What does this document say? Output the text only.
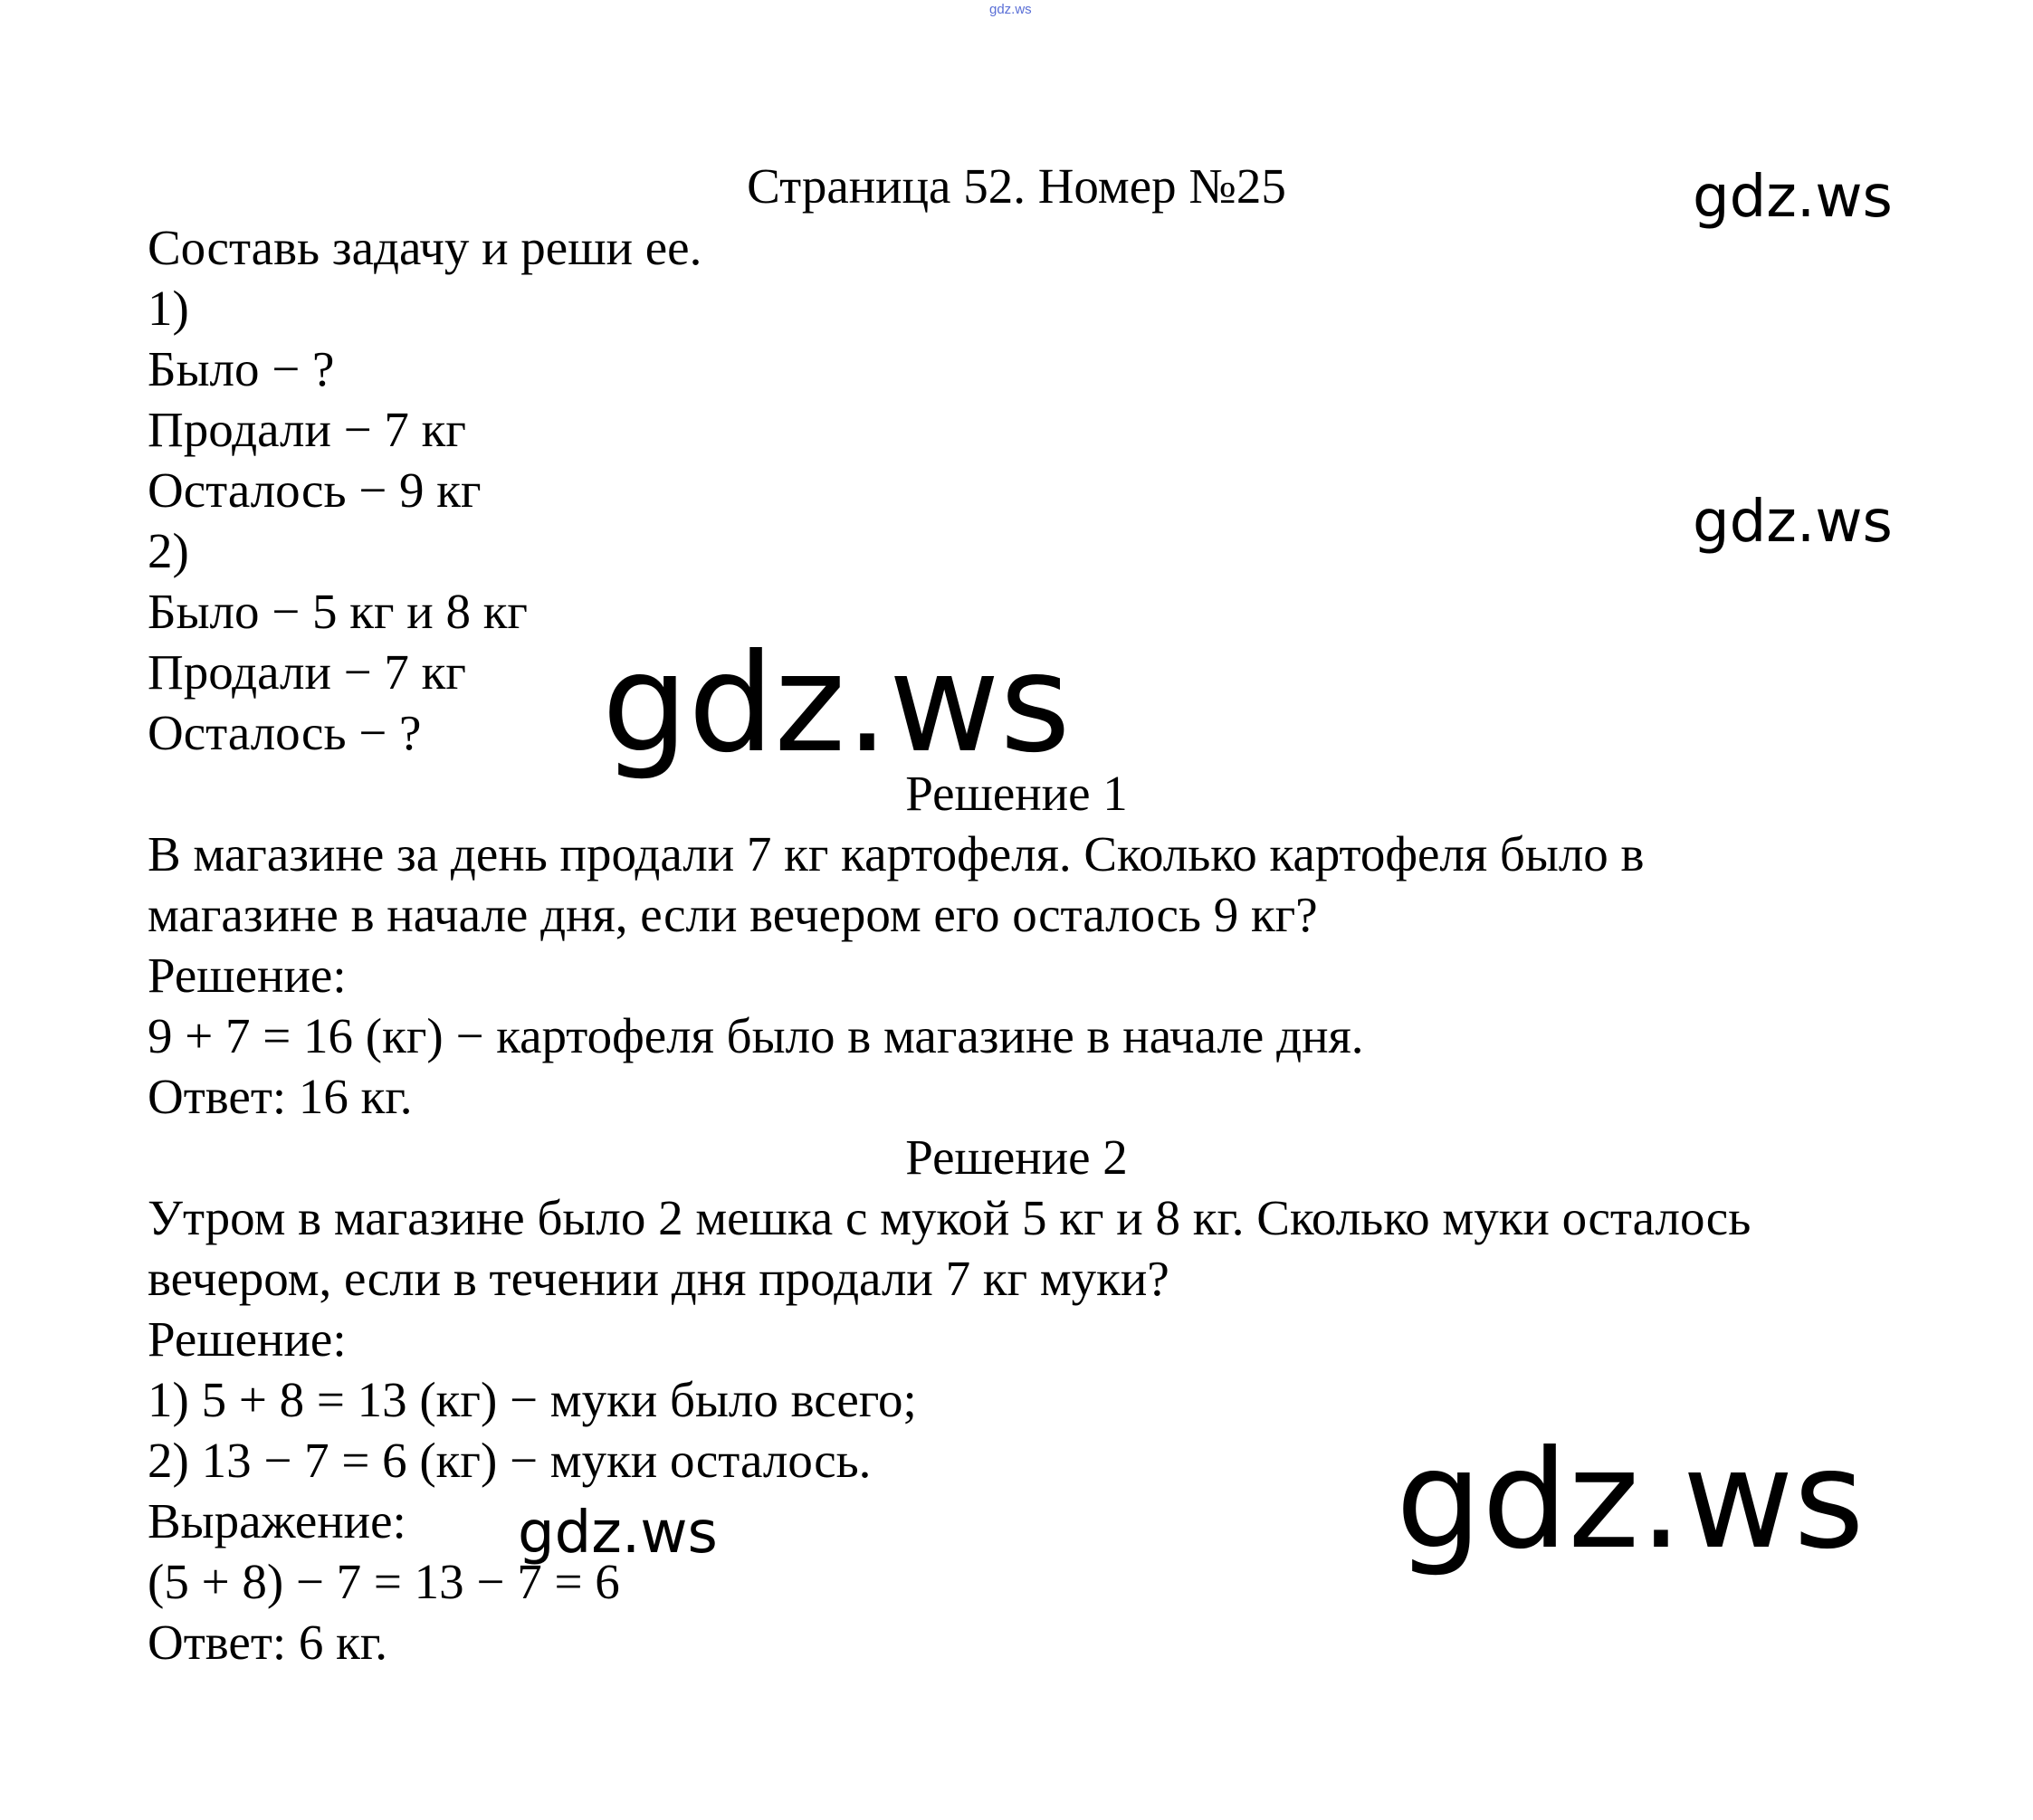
gdz.ws
Страница 52. Номер №25
Составь задачу и реши ее.
1)
Было − ?
Продали − 7 кг
Осталось − 9 кг
2)
Было − 5 кг и 8 кг
Продали − 7 кг
Осталось − ?
Решение 1
В магазине за день продали 7 кг картофеля. Сколько картофеля было в
магазине в начале дня, если вечером его осталось 9 кг?
Решение:
9 + 7 = 16 (кг) − картофеля было в магазине в начале дня.
Ответ: 16 кг.
Решение 2
Утром в магазине было 2 мешка с мукой 5 кг и 8 кг. Сколько муки осталось
вечером, если в течении дня продали 7 кг муки?
Решение:
1) 5 + 8 = 13 (кг) − муки было всего;
2) 13 − 7 = 6 (кг) − муки осталось.
Выражение:
(5 + 8) − 7 = 13 − 7 = 6
Ответ: 6 кг.
gdz.ws
gdz.ws
gdz.ws
gdz.ws	gdz.ws
